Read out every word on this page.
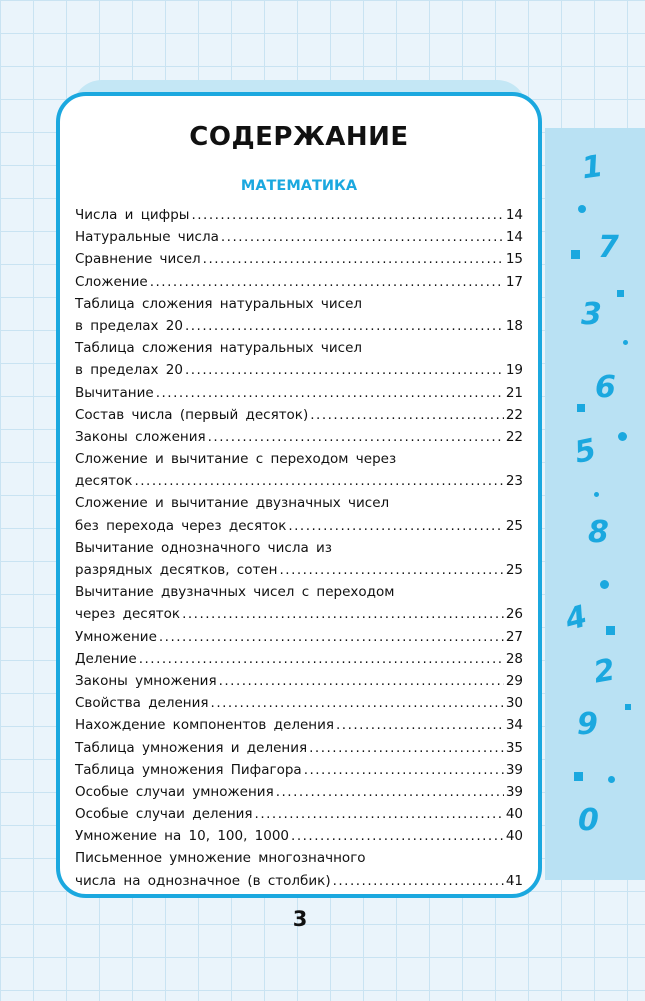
СОДЕРЖАНИЕ
МАТЕМАТИКА
Числа и цифры .....	14
Натуральные числа .....	14
Сравнение чисел .....	15
Сложение .....	17
Таблица сложения натуральных чисел
в пределах 20 .....	18
Таблица сложения натуральных чисел
в пределах 20 .....	19
Вычитание .....	21
Состав числа (первый десяток) .....	22
Законы сложения .....	22
Сложение и вычитание с переходом через
десяток .....	23
Сложение и вычитание двузначных чисел
без перехода через десяток .....	25
Вычитание однозначного числа из
разрядных десятков, сотен .....	25
Вычитание двузначных чисел с переходом
через десяток .....	26
Умножение .....	27
Деление .....	28
Законы умножения .....	29
Свойства деления .....	30
Нахождение компонентов деления .....	34
Таблица умножения и деления .....	35
Таблица умножения Пифагора .....	39
Особые случаи умножения .....	39
Особые случаи деления .....	40
Умножение на 10, 100, 1000 .....	40
Письменное умножение многозначного
числа на однозначное (в столбик) .....	41
3
1
7
3
6
5
8
4
2
9
0
